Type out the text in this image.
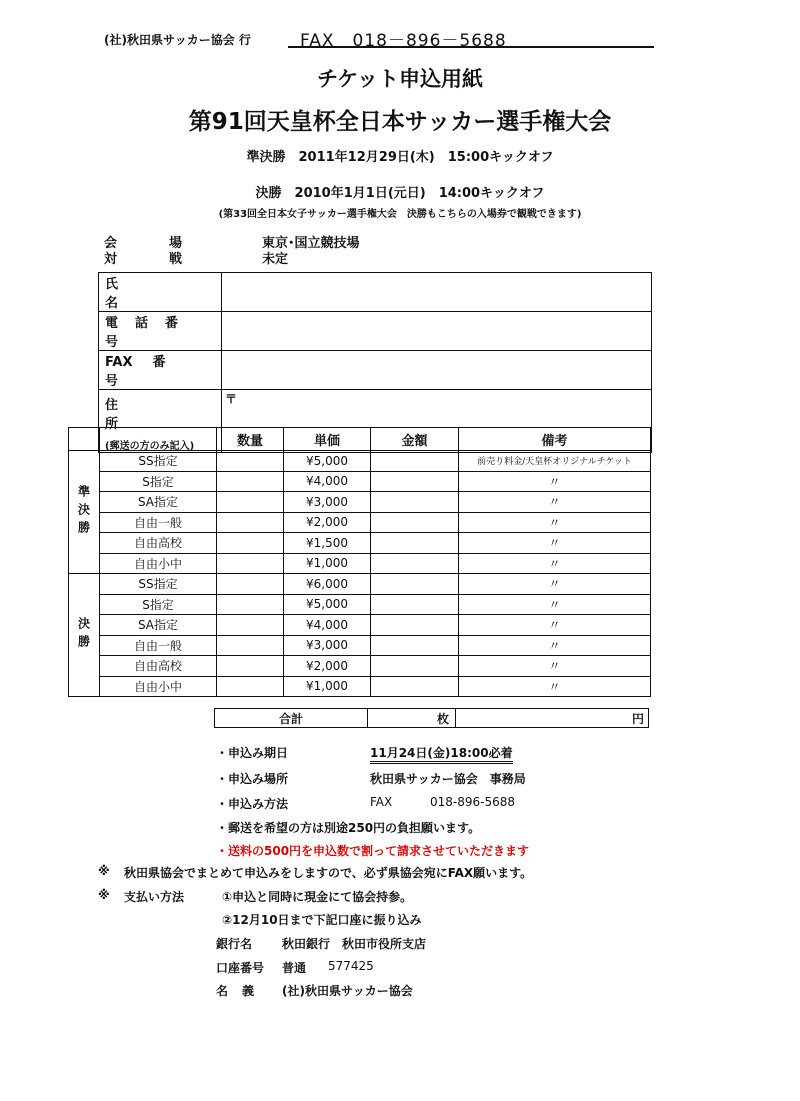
(社)秋田県サッカー協会 行	FAX　018－896－5688
チケット申込用紙
第91回天皇杯全日本サッカー選手権大会
準決勝　2011年12月29日(木)　15:00キックオフ
決勝　2010年1月1日(元日)　14:00キックオフ
(第33回全日本女子サッカー選手権大会　決勝もこちらの入場券で観戦できます)
会場 東京･国立競技場
対戦 未定
氏名	
電話番号	
FAX 番号	

住所
(郵送の方のみ記入)	〒
		数量	単価	金額	備考
準決勝	SS指定		¥5,000		前売り料金/天皇杯オリジナルチケット
	S指定		¥4,000		〃
	SA指定		¥3,000		〃
	自由一般		¥2,000		〃
	自由高校		¥1,500		〃
	自由小中		¥1,000		〃
決勝	SS指定		¥6,000		〃
	S指定		¥5,000		〃
	SA指定		¥4,000		〃
	自由一般		¥3,000		〃
	自由高校		¥2,000		〃
	自由小中		¥1,000		〃
合計	枚	円
・申込み期日	11月24日(金)18:00必着
・申込み場所	秋田県サッカー協会　事務局
・申込み方法	FAX	018-896-5688
・郵送を希望の方は別途250円の負担願います。
・送料の500円を申込数で割って請求させていただきます
※ 秋田県協会でまとめて申込みをしますので、必ず県協会宛にFAX願います。
※ 支払い方法	①申込と同時に現金にて協会持参。
②12月10日まで下記口座に振り込み
銀行名 秋田銀行　秋田市役所支店
口座番号 普通 577425
名義 (社)秋田県サッカー協会
